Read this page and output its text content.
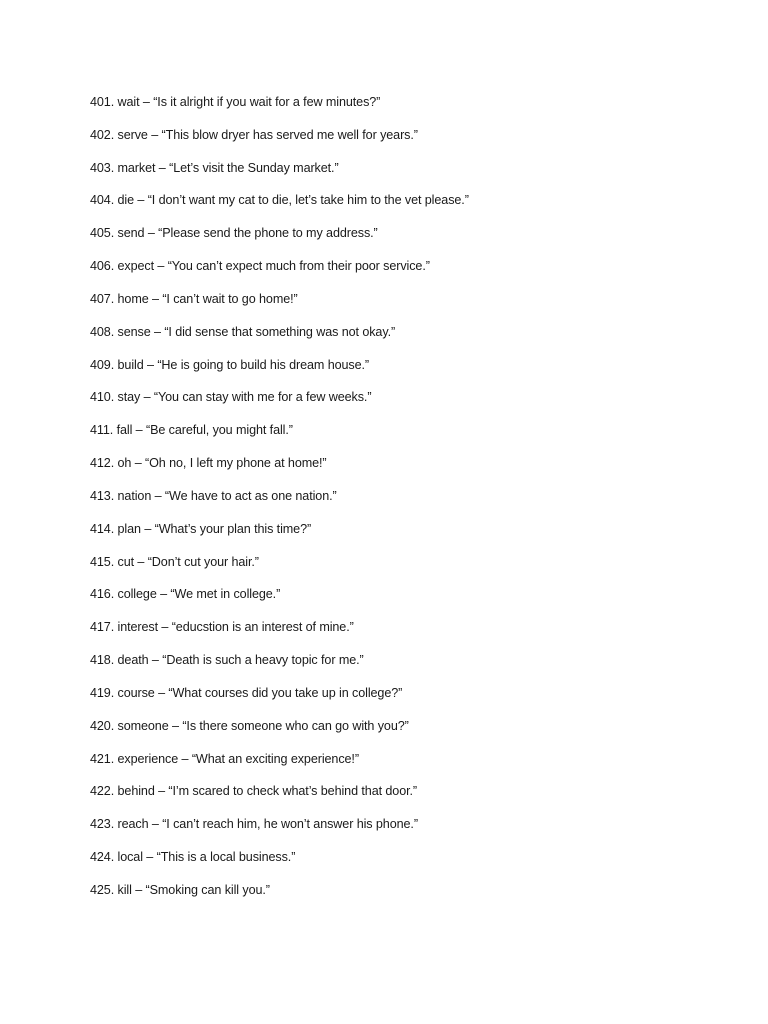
401. wait – “Is it alright if you wait for a few minutes?”
402. serve – “This blow dryer has served me well for years.”
403. market – “Let’s visit the Sunday market.”
404. die – “I don’t want my cat to die, let’s take him to the vet please.”
405. send – “Please send the phone to my address.”
406. expect – “You can’t expect much from their poor service.”
407. home – “I can’t wait to go home!”
408. sense – “I did sense that something was not okay.”
409. build – “He is going to build his dream house.”
410. stay – “You can stay with me for a few weeks.”
411. fall – “Be careful, you might fall.”
412. oh – “Oh no, I left my phone at home!”
413. nation – “We have to act as one nation.”
414. plan – “What’s your plan this time?”
415. cut – “Don’t cut your hair.”
416. college – “We met in college.”
417. interest – “educstion is an interest of mine.”
418. death – “Death is such a heavy topic for me.”
419. course – “What courses did you take up in college?”
420. someone – “Is there someone who can go with you?”
421. experience – “What an exciting experience!”
422. behind – “I’m scared to check what’s behind that door.”
423. reach – “I can’t reach him, he won’t answer his phone.”
424. local – “This is a local business.”
425. kill – “Smoking can kill you.”
